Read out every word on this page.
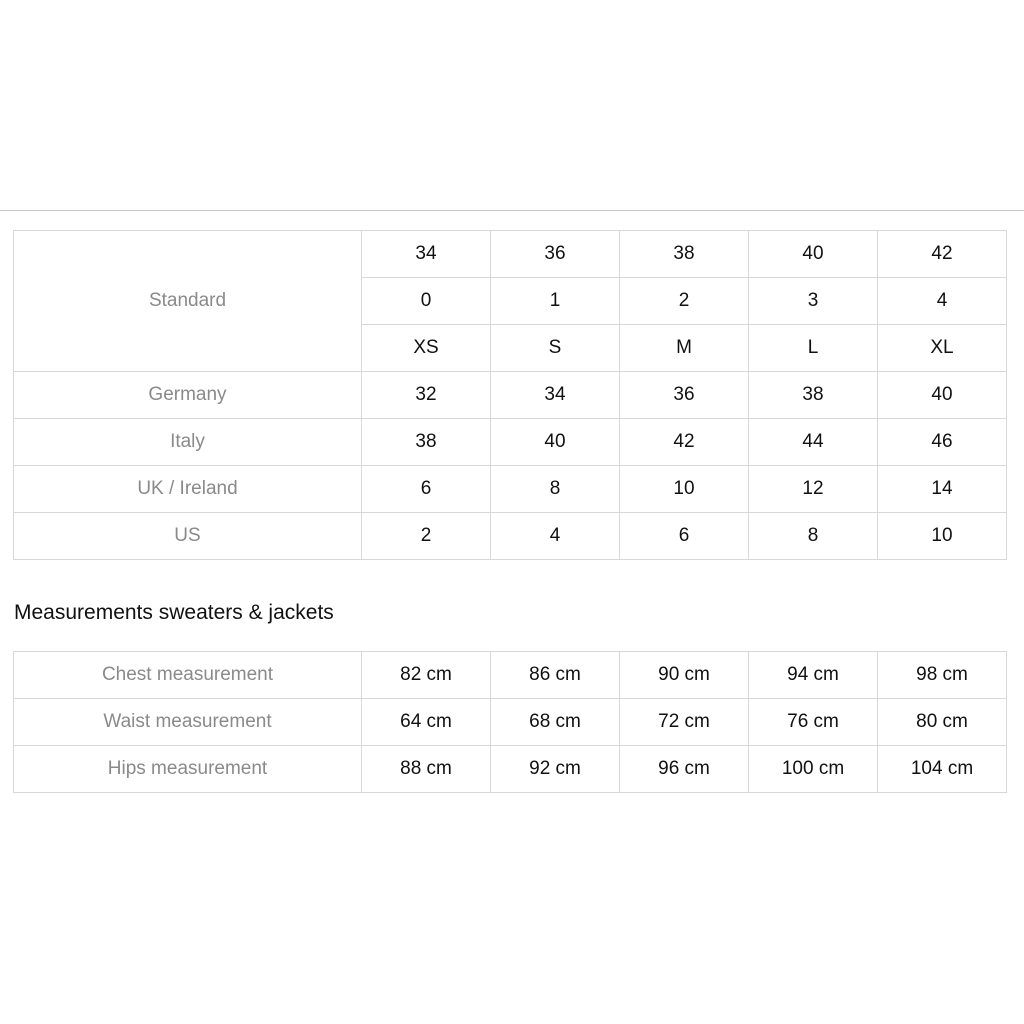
Standard	34	36	38	40	42
	0	1	2	3	4
	XS	S	M	L	XL
Germany	32	34	36	38	40
Italy	38	40	42	44	46
UK / Ireland	6	8	10	12	14
US	2	4	6	8	10
Measurements sweaters & jackets
Chest measurement	82 cm	86 cm	90 cm	94 cm	98 cm
Waist measurement	64 cm	68 cm	72 cm	76 cm	80 cm
Hips measurement	88 cm	92 cm	96 cm	100 cm	104 cm
